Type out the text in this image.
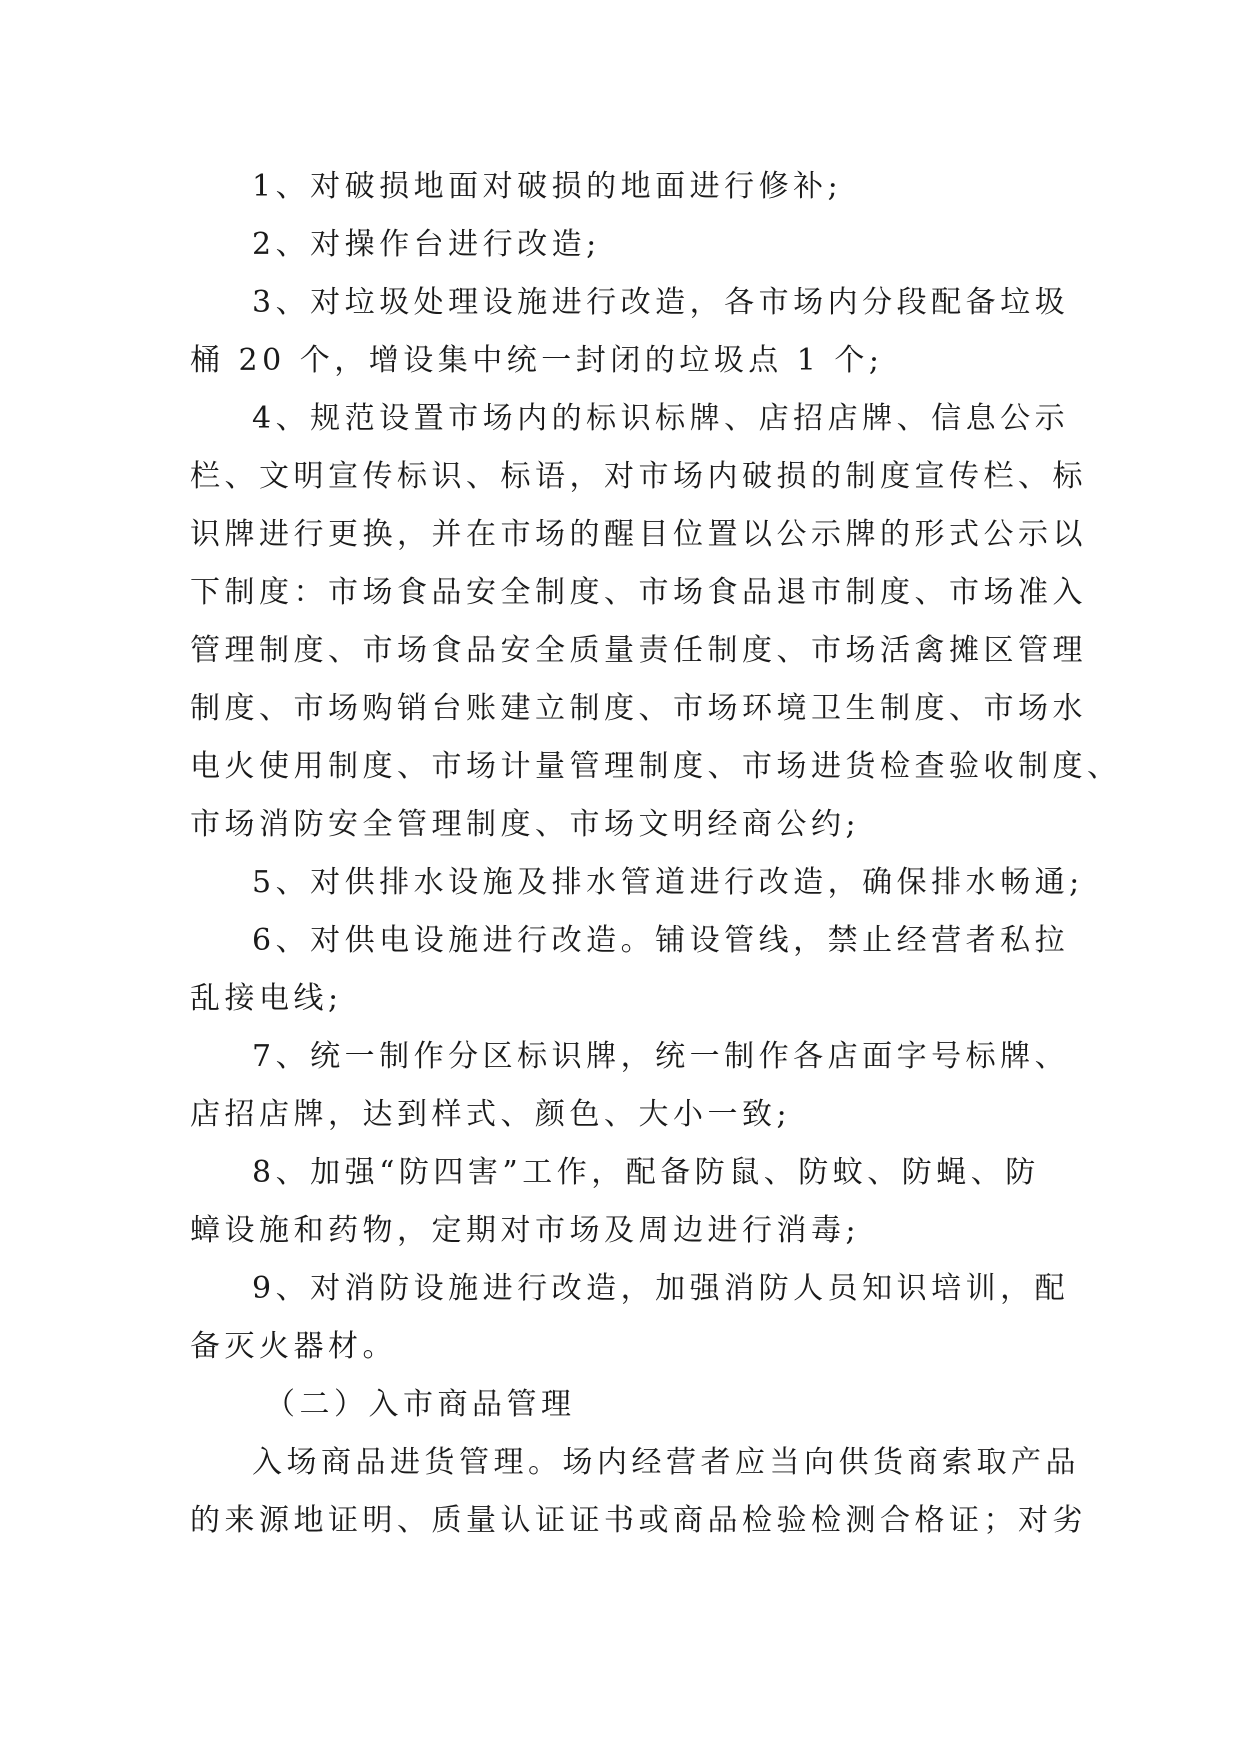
1、对破损地面对破损的地面进行修补;
2、对操作台进行改造;
3、对垃圾处理设施进行改造，各市场内分段配备垃圾
桶 20 个，增设集中统一封闭的垃圾点 1 个;
4、规范设置市场内的标识标牌、店招店牌、信息公示
栏、文明宣传标识、标语，对市场内破损的制度宣传栏、标
识牌进行更换，并在市场的醒目位置以公示牌的形式公示以
下制度：市场食品安全制度、市场食品退市制度、市场准入
管理制度、市场食品安全质量责任制度、市场活禽摊区管理
制度、市场购销台账建立制度、市场环境卫生制度、市场水
电火使用制度、市场计量管理制度、市场进货检查验收制度、
市场消防安全管理制度、市场文明经商公约;
5、对供排水设施及排水管道进行改造，确保排水畅通;
6、对供电设施进行改造。铺设管线，禁止经营者私拉
乱接电线;
7、统一制作分区标识牌，统一制作各店面字号标牌、
店招店牌，达到样式、颜色、大小一致;
8、加强“防四害”工作，配备防鼠、防蚊、防蝇、防
蟑设施和药物，定期对市场及周边进行消毒;
9、对消防设施进行改造，加强消防人员知识培训，配
备灭火器材。
（二）入市商品管理
入场商品进货管理。场内经营者应当向供货商索取产品
的来源地证明、质量认证证书或商品检验检测合格证；对劣
